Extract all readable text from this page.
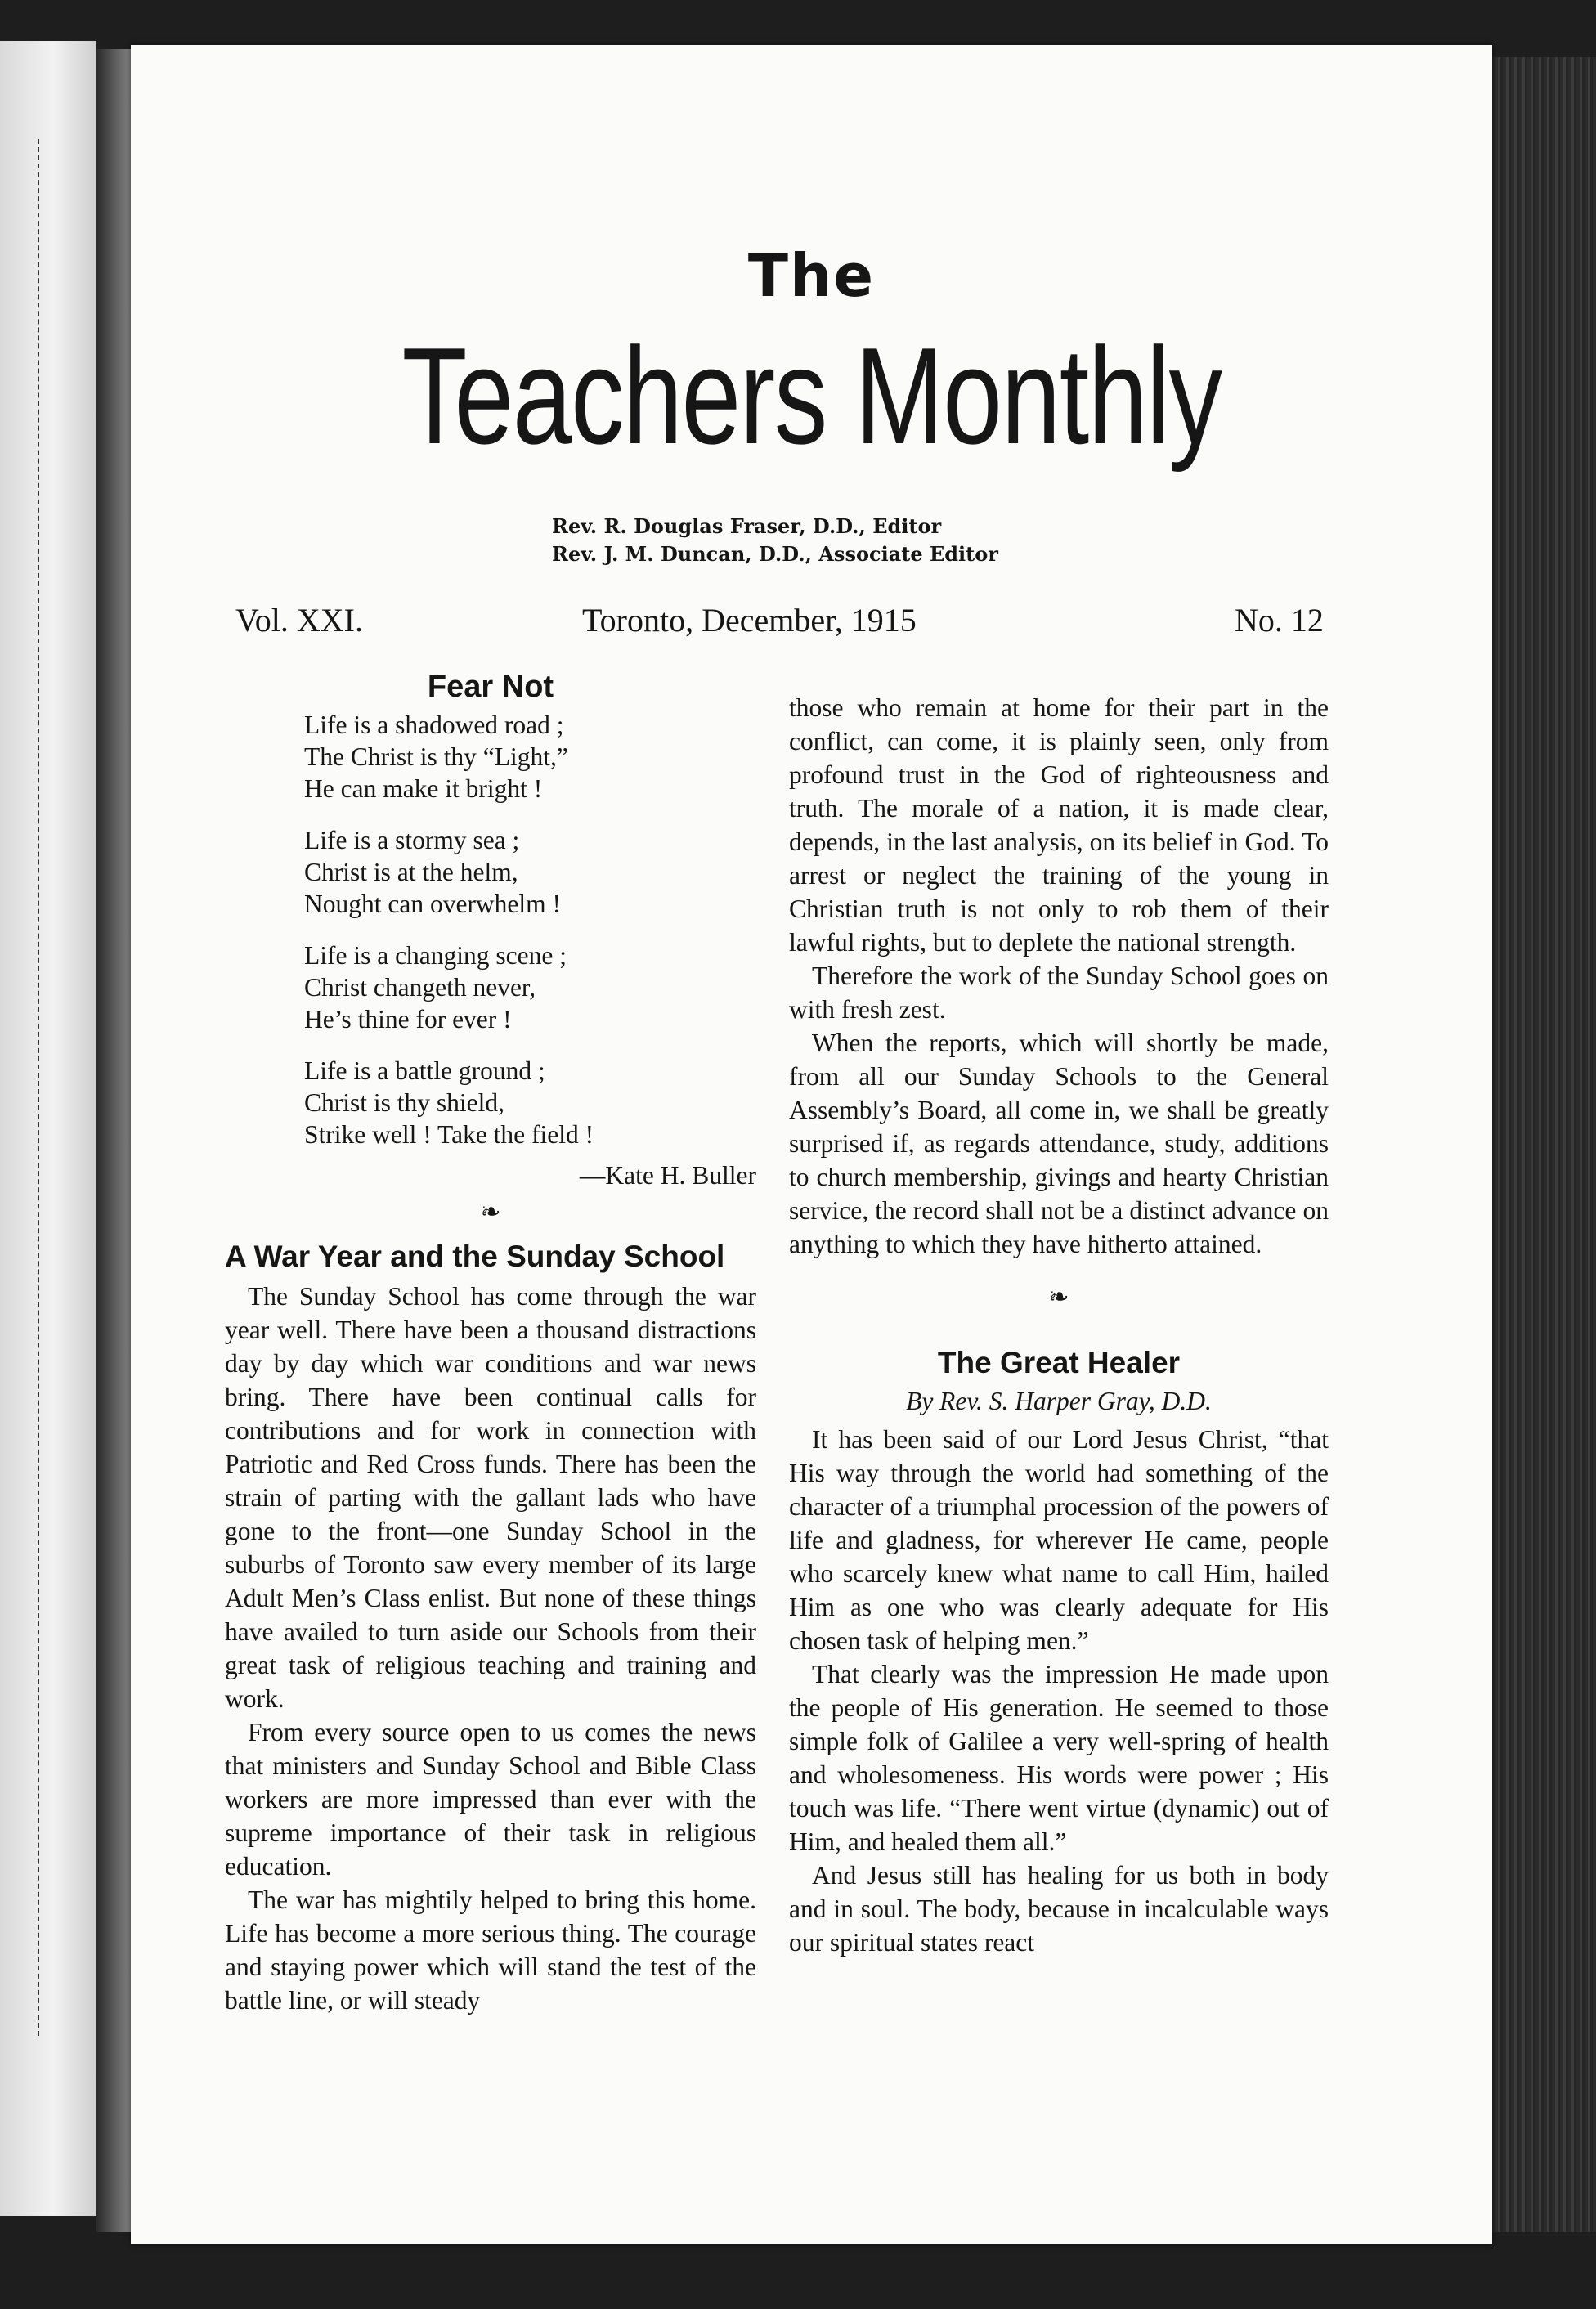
The
Teachers Monthly
Rev. R. Douglas Fraser, D.D., Editor
Rev. J. M. Duncan, D.D., Associate Editor
Vol. XXI.	Toronto, December, 1915	No. 12
Fear Not
Life is a shadowed road ;
The Christ is thy “Light,”
He can make it bright !
Life is a stormy sea ;
Christ is at the helm,
Nought can overwhelm !
Life is a changing scene ;
Christ changeth never,
He’s thine for ever !
Life is a battle ground ;
Christ is thy shield,
Strike well ! Take the field !
—Kate H. Buller
❧
A War Year and the Sunday School

The Sunday School has come through the war year well. There have been a thousand distractions day by day which war conditions and war news bring. There have been continual calls for contributions and for work in connection with Patriotic and Red Cross funds. There has been the strain of parting with the gallant lads who have gone to the front—one Sunday School in the suburbs of Toronto saw every member of its large Adult Men’s Class enlist. But none of these things have availed to turn aside our Schools from their great task of religious teaching and training and work.

From every source open to us comes the news that ministers and Sunday School and Bible Class workers are more impressed than ever with the supreme importance of their task in religious education.

The war has mightily helped to bring this home. Life has become a more serious thing. The courage and staying power which will stand the test of the battle line, or will steady

those who remain at home for their part in the conflict, can come, it is plainly seen, only from profound trust in the God of righteousness and truth. The morale of a nation, it is made clear, depends, in the last analysis, on its belief in God. To arrest or neglect the training of the young in Christian truth is not only to rob them of their lawful rights, but to deplete the national strength.

Therefore the work of the Sunday School goes on with fresh zest.

When the reports, which will shortly be made, from all our Sunday Schools to the General Assembly’s Board, all come in, we shall be greatly surprised if, as regards attendance, study, additions to church membership, givings and hearty Christian service, the record shall not be a distinct advance on anything to which they have hitherto attained.

❧
The Great Healer
By Rev. S. Harper Gray, D.D.

It has been said of our Lord Jesus Christ, “that His way through the world had something of the character of a triumphal procession of the powers of life and gladness, for wherever He came, people who scarcely knew what name to call Him, hailed Him as one who was clearly adequate for His chosen task of helping men.”

That clearly was the impression He made upon the people of His generation. He seemed to those simple folk of Galilee a very well-spring of health and wholesomeness. His words were power ; His touch was life. “There went virtue (dynamic) out of Him, and healed them all.”

And Jesus still has healing for us both in body and in soul. The body, because in incalculable ways our spiritual states react
